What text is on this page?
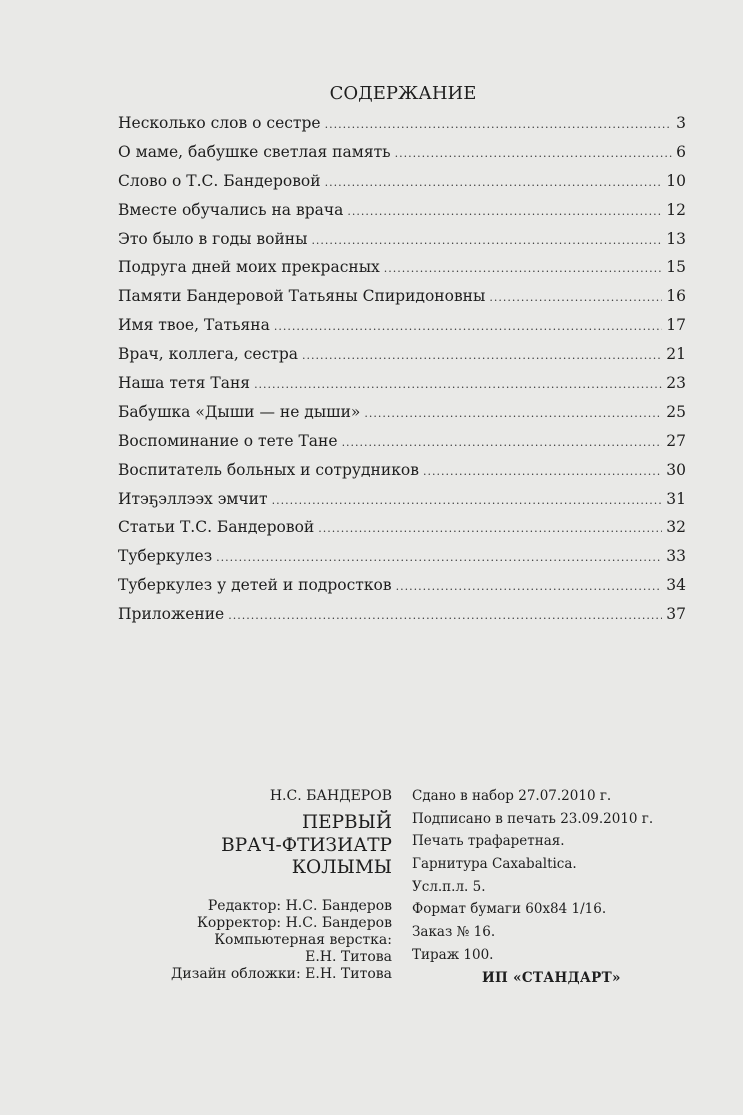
СОДЕРЖАНИЕ
Несколько слов о сестре .....	3
О маме, бабушке светлая память .....	6
Слово о Т.С. Бандеровой .....	10
Вместе обучались на врача .....	12
Это было в годы войны .....	13
Подруга дней моих прекрасных .....	15
Памяти Бандеровой Татьяны Спиридоновны .....	16
Имя твое, Татьяна .....	17
Врач, коллега, сестра .....	21
Наша тетя Таня .....	23
Бабушка «Дыши — не дыши» .....	25
Воспоминание о тете Тане .....	27
Воспитатель больных и сотрудников .....	30
Итэҕэллээх эмчит .....	31
Статьи Т.С. Бандеровой .....	32
Туберкулез .....	33
Туберкулез у детей и подростков .....	34
Приложение .....	37
Н.С. БАНДЕРОВ
ПЕРВЫЙ
ВРАЧ-ФТИЗИАТР
КОЛЫМЫ
Редактор: Н.С. Бандеров
Корректор: Н.С. Бандеров
Компьютерная верстка:
Е.Н. Титова
Дизайн обложки: Е.Н. Титова
Сдано в набор 27.07.2010 г.
Подписано в печать 23.09.2010 г.
Печать трафаретная.
Гарнитура Caxabaltica.
Усл.п.л. 5.
Формат бумаги 60x84 1/16.
Заказ № 16.
Тираж 100.
ИП «СТАНДАРТ»
